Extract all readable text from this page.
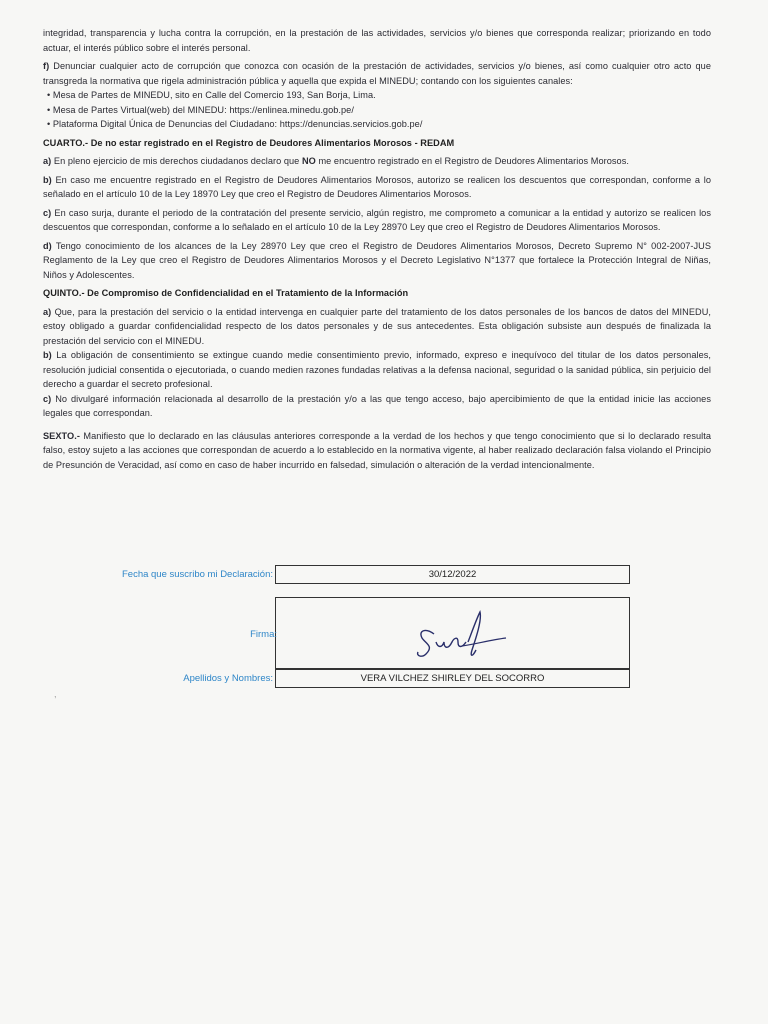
integridad, transparencia y lucha contra la corrupción, en la prestación de las actividades, servicios y/o bienes que corresponda realizar; priorizando en todo actuar, el interés público sobre el interés personal.

f) Denunciar cualquier acto de corrupción que conozca con ocasión de la prestación de actividades, servicios y/o bienes, así como cualquier otro acto que transgreda la normativa que rigela administración pública y aquella que expida el MINEDU; contando con los siguientes canales:

• Mesa de Partes de MINEDU, sito en Calle del Comercio 193, San Borja, Lima.

• Mesa de Partes Virtual(web) del MINEDU: https://enlinea.minedu.gob.pe/

• Plataforma Digital Única de Denuncias del Ciudadano: https://denuncias.servicios.gob.pe/

CUARTO.- De no estar registrado en el Registro de Deudores Alimentarios Morosos - REDAM

a) En pleno ejercicio de mis derechos ciudadanos declaro que NO me encuentro registrado en el Registro de Deudores Alimentarios Morosos.

b) En caso me encuentre registrado en el Registro de Deudores Alimentarios Morosos, autorizo se realicen los descuentos que correspondan, conforme a lo señalado en el artículo 10 de la Ley 18970 Ley que creo el Registro de Deudores Alimentarios Morosos.

c) En caso surja, durante el periodo de la contratación del presente servicio, algún registro, me comprometo a comunicar a la entidad y autorizo se realicen los descuentos que correspondan, conforme a lo señalado en el artículo 10 de la Ley 28970 Ley que creo el Registro de Deudores Alimentarios Morosos.

d) Tengo conocimiento de los alcances de la Ley 28970 Ley que creo el Registro de Deudores Alimentarios Morosos, Decreto Supremo N° 002-2007-JUS Reglamento de la Ley que creo el Registro de Deudores Alimentarios Morosos y el Decreto Legislativo N°1377 que fortalece la Protección Integral de Niñas, Niños y Adolescentes.

QUINTO.- De Compromiso de Confidencialidad en el Tratamiento de la Información

a) Que, para la prestación del servicio o la entidad intervenga en cualquier parte del tratamiento de los datos personales de los bancos de datos del MINEDU, estoy obligado a guardar confidencialidad respecto de los datos personales y de sus antecedentes. Esta obligación subsiste aun después de finalizada la prestación del servicio con el MINEDU.

b) La obligación de consentimiento se extingue cuando medie consentimiento previo, informado, expreso e inequívoco del titular de los datos personales, resolución judicial consentida o ejecutoriada, o cuando medien razones fundadas relativas a la defensa nacional, seguridad o la sanidad pública, sin perjuicio del derecho a guardar el secreto profesional.

c) No divulgaré información relacionada al desarrollo de la prestación y/o a las que tengo acceso, bajo apercibimiento de que la entidad inicie las acciones legales que correspondan.

SEXTO.- Manifiesto que lo declarado en las cláusulas anteriores corresponde a la verdad de los hechos y que tengo conocimiento que si lo declarado resulta falso, estoy sujeto a las acciones que correspondan de acuerdo a lo establecido en la normativa vigente, al haber realizado declaración falsa violando el Principio de Presunción de Veracidad, así como en caso de haber incurrido en falsedad, simulación o alteración de la verdad intencionalmente.

Fecha que suscribo mi Declaración:	30/12/2022
Firma:
Apellidos y Nombres:	VERA VILCHEZ SHIRLEY DEL SOCORRO
,
